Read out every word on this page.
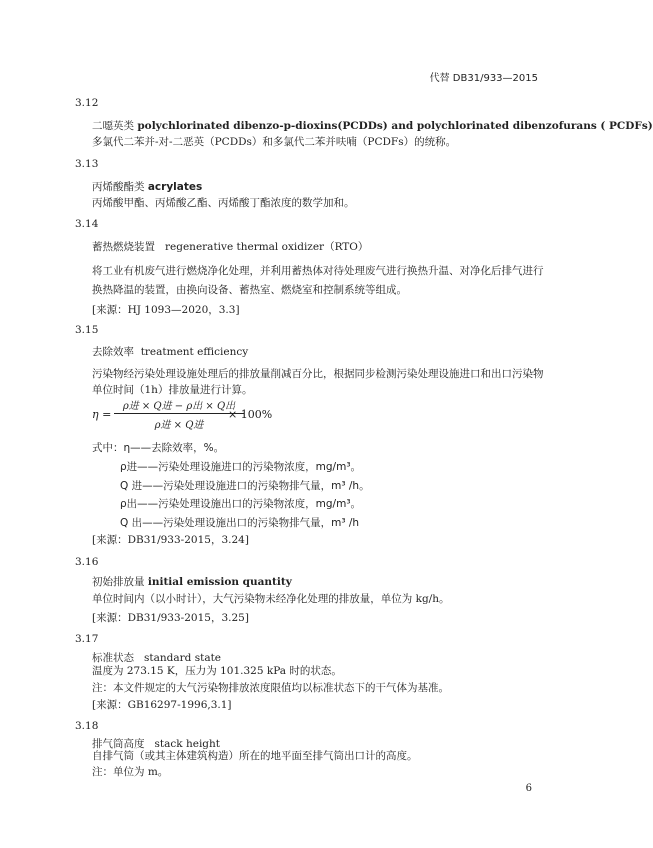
代替 DB31/933—2015
3.12
二噁英类 polychlorinated dibenzo-p-dioxins(PCDDs) and polychlorinated dibenzofurans ( PCDFs)
多氯代二苯并-对-二恶英（PCDDs）和多氯代二苯并呋喃（PCDFs）的统称。
3.13
丙烯酸酯类 acrylates
丙烯酸甲酯、丙烯酸乙酯、丙烯酸丁酯浓度的数学加和。
3.14
蓄热燃烧装置 regenerative thermal oxidizer（RTO）
将工业有机废气进行燃烧净化处理，并利用蓄热体对待处理废气进行换热升温、对净化后排气进行
换热降温的装置，由换向设备、蓄热室、燃烧室和控制系统等组成。
[来源：HJ 1093—2020，3.3]
3.15
去除效率 treatment efficiency
污染物经污染处理设施处理后的排放量削减百分比，根据同步检测污染处理设施进口和出口污染物
单位时间（1h）排放量进行计算。
η =
ρ进 × Q进 − ρ出 × Q出
ρ进 × Q进
× 100%
式中：η——去除效率，%。
ρ进——污染处理设施进口的污染物浓度，mg/m³。
Q 进——污染处理设施进口的污染物排气量，m³ /h。
ρ出——污染处理设施出口的污染物浓度，mg/m³。
Q 出——污染处理设施出口的污染物排气量，m³ /h
[来源：DB31/933-2015，3.24]
3.16
初始排放量 initial emission quantity
单位时间内（以小时计），大气污染物未经净化处理的排放量，单位为 kg/h。
[来源：DB31/933-2015，3.25]
3.17
标准状态 standard state
温度为 273.15 K，压力为 101.325 kPa 时的状态。
注：本文件规定的大气污染物排放浓度限值均以标准状态下的干气体为基准。
[来源：GB16297-1996,3.1]
3.18
排气筒高度 stack height
自排气筒（或其主体建筑构造）所在的地平面至排气筒出口计的高度。
注：单位为 m。
6
